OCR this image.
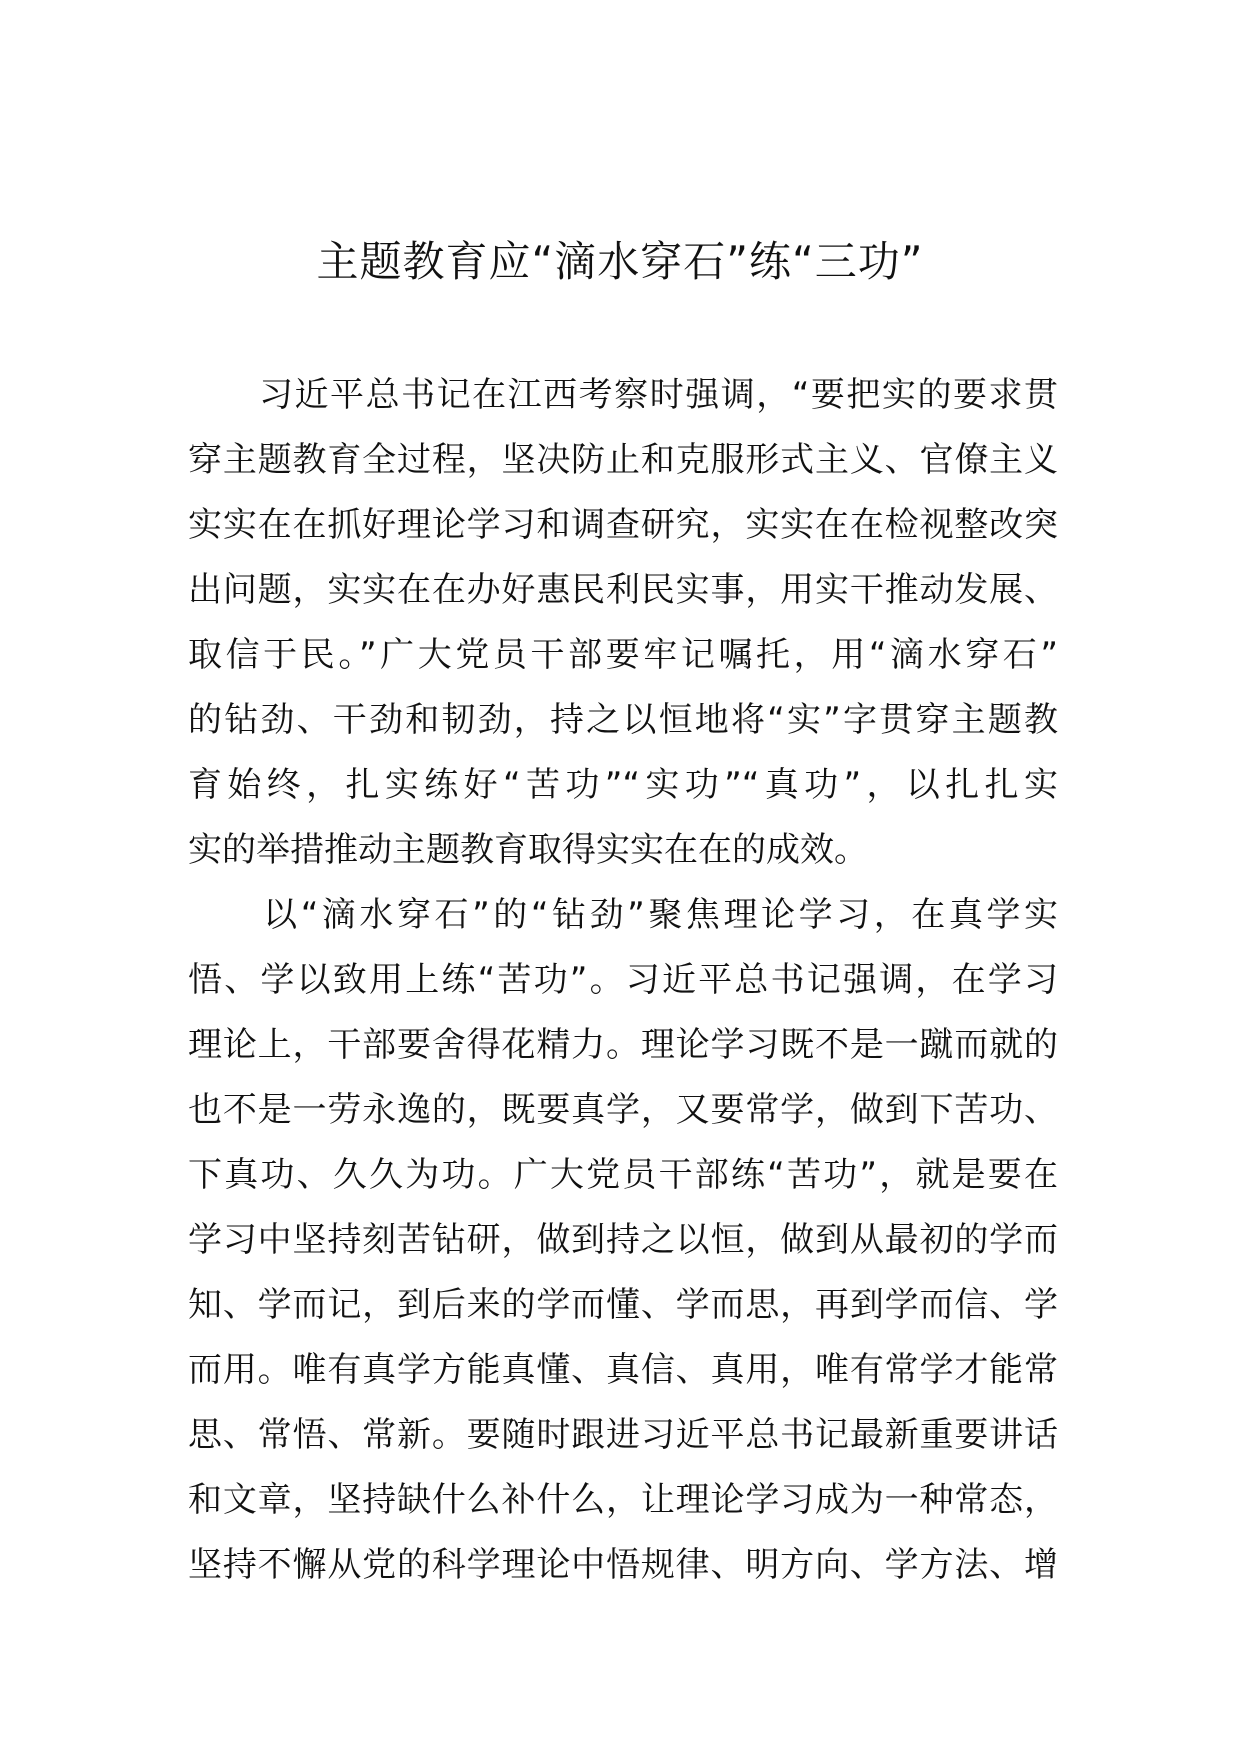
主题教育应“滴水穿石”练“三功”
　　习近平总书记在江西考察时强调，“要把实的要求贯
穿主题教育全过程，坚决防止和克服形式主义、官僚主义
实实在在抓好理论学习和调查研究，实实在在检视整改突
出问题，实实在在办好惠民利民实事，用实干推动发展、
取信于民。”广大党员干部要牢记嘱托，用“滴水穿石”
的钻劲、干劲和韧劲，持之以恒地将“实”字贯穿主题教
育始终，扎实练好“苦功”“实功”“真功”，以扎扎实
实的举措推动主题教育取得实实在在的成效。
　　以“滴水穿石”的“钻劲”聚焦理论学习，在真学实
悟、学以致用上练“苦功”。习近平总书记强调，在学习
理论上，干部要舍得花精力。理论学习既不是一蹴而就的
也不是一劳永逸的，既要真学，又要常学，做到下苦功、
下真功、久久为功。广大党员干部练“苦功”，就是要在
学习中坚持刻苦钻研，做到持之以恒，做到从最初的学而
知、学而记，到后来的学而懂、学而思，再到学而信、学
而用。唯有真学方能真懂、真信、真用，唯有常学才能常
思、常悟、常新。要随时跟进习近平总书记最新重要讲话
和文章，坚持缺什么补什么，让理论学习成为一种常态，
坚持不懈从党的科学理论中悟规律、明方向、学方法、增
